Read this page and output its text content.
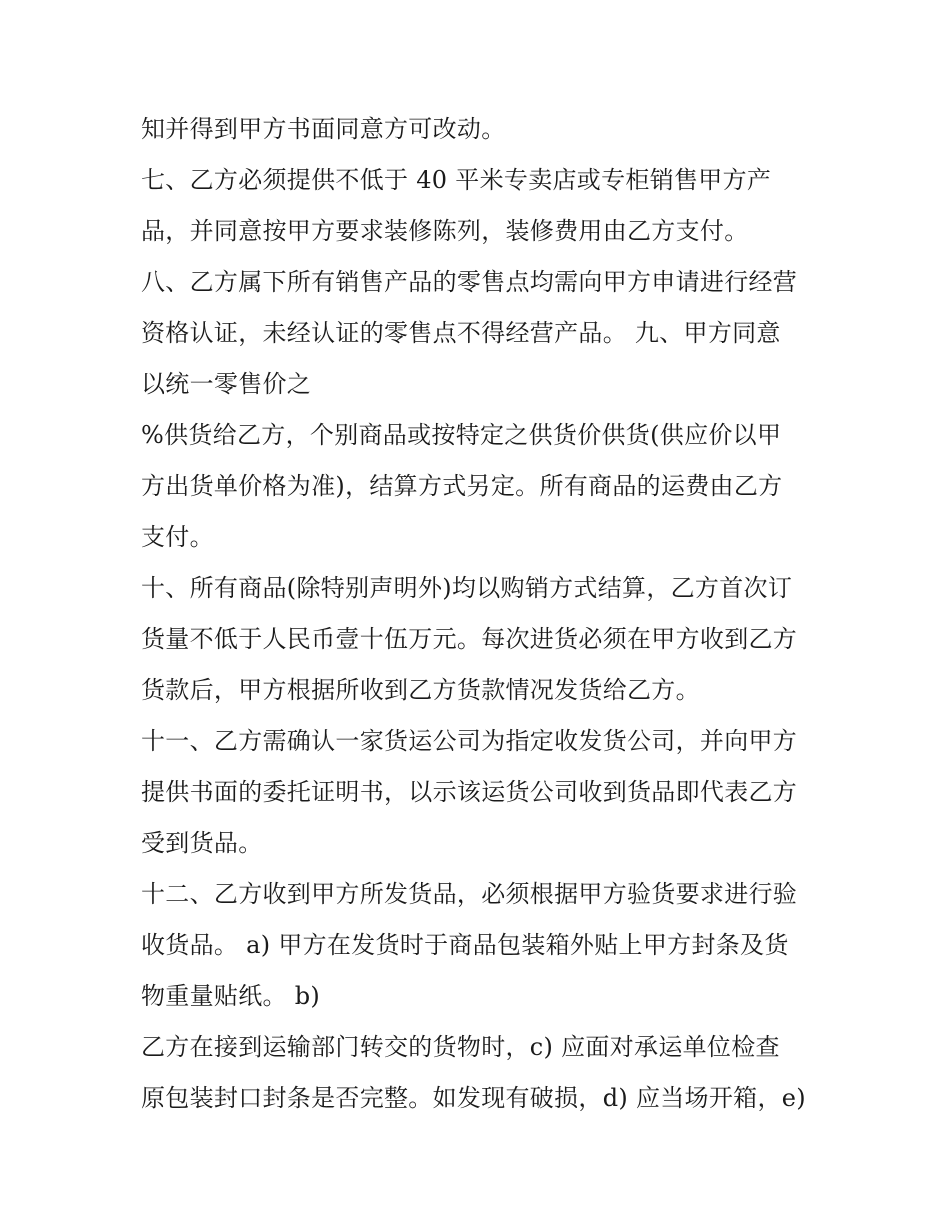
知并得到甲方书面同意方可改动。
七、乙方必须提供不低于 40 平米专卖店或专柜销售甲方产
品，并同意按甲方要求装修陈列，装修费用由乙方支付。
八、乙方属下所有销售产品的零售点均需向甲方申请进行经营
资格认证，未经认证的零售点不得经营产品。 九、甲方同意
以统一零售价之
%供货给乙方，个别商品或按特定之供货价供货(供应价以甲
方出货单价格为准)，结算方式另定。所有商品的运费由乙方
支付。
十、所有商品(除特别声明外)均以购销方式结算，乙方首次订
货量不低于人民币壹十伍万元。每次进货必须在甲方收到乙方
货款后，甲方根据所收到乙方货款情况发货给乙方。
十一、乙方需确认一家货运公司为指定收发货公司，并向甲方
提供书面的委托证明书，以示该运货公司收到货品即代表乙方
受到货品。
十二、乙方收到甲方所发货品，必须根据甲方验货要求进行验
收货品。 a) 甲方在发货时于商品包装箱外贴上甲方封条及货
物重量贴纸。 b)
乙方在接到运输部门转交的货物时，c) 应面对承运单位检查
原包装封口封条是否完整。如发现有破损，d) 应当场开箱，e)
